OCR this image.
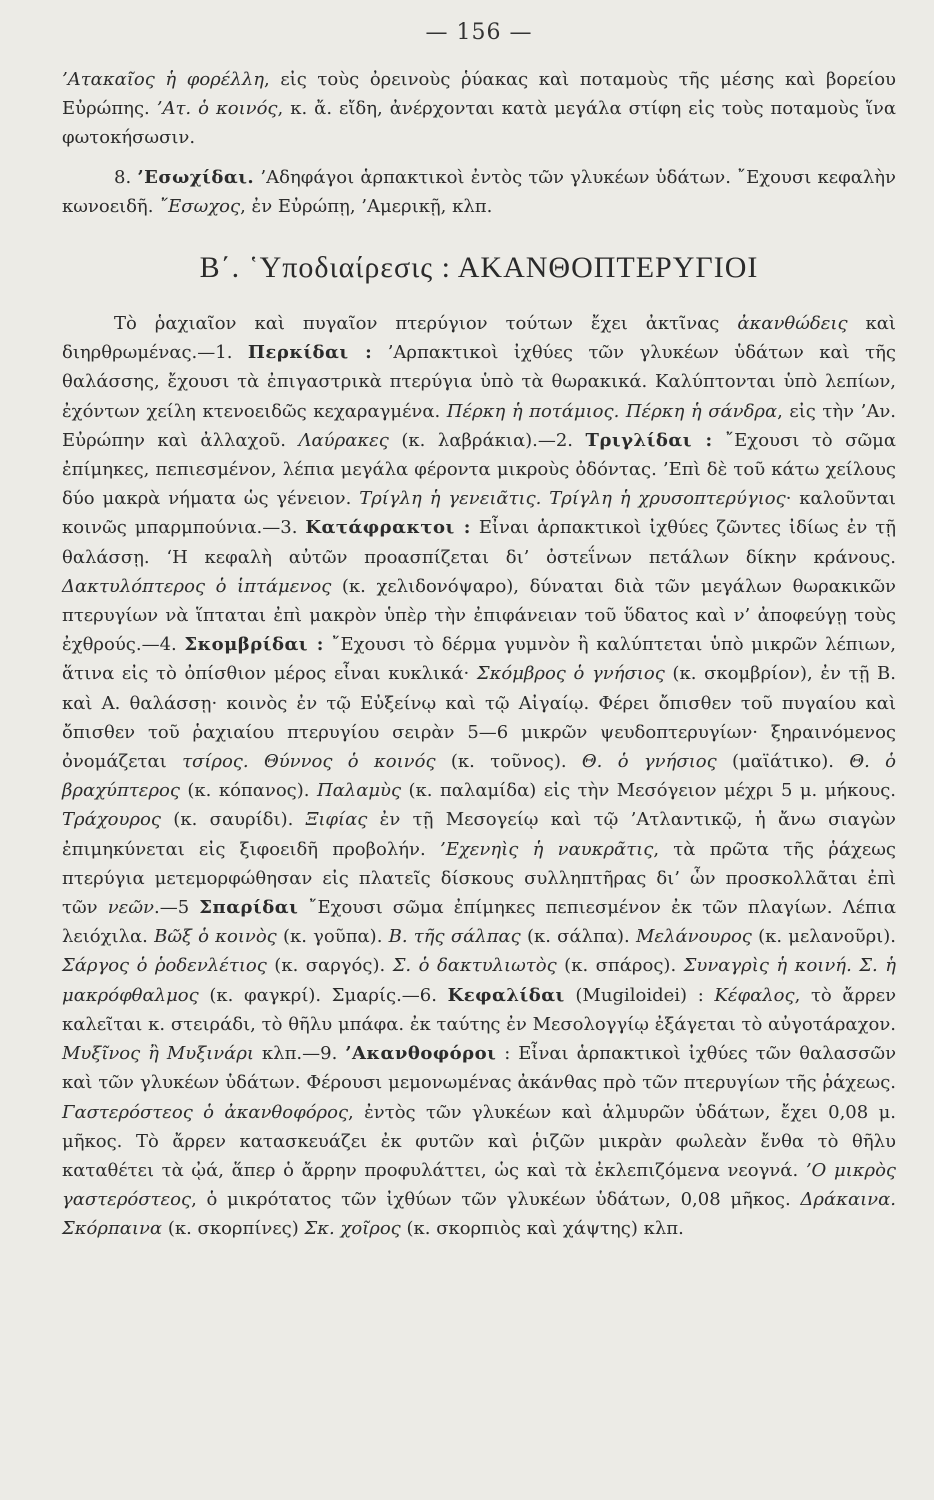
— 156 —

’Ατακαῖος ἡ φορέλλη, εἰς τοὺς ὀρεινοὺς ῥύακας καὶ ποταμοὺς τῆς μέσης καὶ βορείου Εὐρώπης. ’Ατ. ὁ κοινός, κ. ἄ. εἴδη, ἀνέρχονται κατὰ μεγάλα στίφη εἰς τοὺς ποταμοὺς ἵνα φωτοκήσωσιν.

8. ’Εσωχίδαι. ’Αδηφάγοι ἁρπακτικοὶ ἐντὸς τῶν γλυκέων ὑδάτων. ῎Εχουσι κεφαλὴν κωνοειδῆ. ῎Εσωχος, ἐν Εὐρώπῃ, ’Αμερικῇ, κλπ.

Β΄. ῾Υποδιαίρεσις : ΑΚΑΝΘΟΠΤΕΡΥΓΙΟΙ

Τὸ ῥαχιαῖον καὶ πυγαῖον πτερύγιον τούτων ἔχει ἀκτῖνας ἀκανθώδεις καὶ διηρθρωμένας.—1. Περκίδαι : ’Αρπακτικοὶ ἰχθύες τῶν γλυκέων ὑδάτων καὶ τῆς θαλάσσης, ἔχουσι τὰ ἐπιγαστρικὰ πτερύγια ὑπὸ τὰ θωρακικά. Καλύπτονται ὑπὸ λεπίων, ἐχόντων χείλη κτενοειδῶς κεχαραγμένα. Πέρκη ἡ ποτάμιος. Πέρκη ἡ σάνδρα, εἰς τὴν ’Αν. Εὐρώπην καὶ ἀλλαχοῦ. Λαύρακες (κ. λαβράκια).—2. Τριγλίδαι : ῎Εχουσι τὸ σῶμα ἐπίμηκες, πεπιεσμένον, λέπια μεγάλα φέροντα μικροὺς ὀδόντας. ’Επὶ δὲ τοῦ κάτω χείλους δύο μακρὰ νήματα ὡς γένειον. Τρίγλη ἡ γενειᾶτις. Τρίγλη ἡ χρυσοπτερύγιος· καλοῦνται κοινῶς μπαρμπούνια.—3. Κατάφρακτοι : Εἶναι ἁρπακτικοὶ ἰχθύες ζῶντες ἰδίως ἐν τῇ θαλάσσῃ. ‘Η κεφαλὴ αὐτῶν προασπίζεται δι’ ὀστεΐνων πετάλων δίκην κράνους. Δακτυλόπτερος ὁ ἱπτάμενος (κ. χελιδονόψαρο), δύναται διὰ τῶν μεγάλων θωρακικῶν πτερυγίων νὰ ἵπταται ἐπὶ μακρὸν ὑπὲρ τὴν ἐπιφάνειαν τοῦ ὕδατος καὶ ν’ ἀποφεύγῃ τοὺς ἐχθρούς.—4. Σκομβρίδαι : ῎Εχουσι τὸ δέρμα γυμνὸν ἢ καλύπτεται ὑπὸ μικρῶν λέπιων, ἅτινα εἰς τὸ ὀπίσθιον μέρος εἶναι κυκλικά· Σκόμβρος ὁ γνήσιος (κ. σκομβρίον), ἐν τῇ Β. καὶ Α. θαλάσσῃ· κοινὸς ἐν τῷ Εὐξείνῳ καὶ τῷ Αἰγαίῳ. Φέρει ὄπισθεν τοῦ πυγαίου καὶ ὄπισθεν τοῦ ῥαχιαίου πτερυγίου σειρὰν 5—6 μικρῶν ψευδοπτερυγίων· ξηραινόμενος ὀνομάζεται τσίρος. Θύννος ὁ κοινός (κ. τοῦνος). Θ. ὁ γνήσιος (μαϊάτικο). Θ. ὁ βραχύπτερος (κ. κόπανος). Παλαμὺς (κ. παλαμίδα) εἰς τὴν Μεσόγειον μέχρι 5 μ. μήκους. Τράχουρος (κ. σαυρίδι). Ξιφίας ἐν τῇ Μεσογείῳ καὶ τῷ ’Ατλαντικῷ, ἡ ἄνω σιαγὼν ἐπιμηκύνεται εἰς ξιφοειδῆ προβολήν. ’Εχενηὶς ἡ ναυκρᾶτις, τὰ πρῶτα τῆς ῥάχεως πτερύγια μετεμορφώθησαν εἰς πλατεῖς δίσκους συλληπτῆρας δι’ ὧν προσκολλᾶται ἐπὶ τῶν νεῶν.—5 Σπαρίδαι ῎Εχουσι σῶμα ἐπίμηκες πεπιεσμένον ἐκ τῶν πλαγίων. Λέπια λειόχιλα. Βῶξ ὁ κοινὸς (κ. γοῦπα). Β. τῆς σάλπας (κ. σάλπα). Μελάνουρος (κ. μελανοῦρι). Σάργος ὁ ῥοδενλέτιος (κ. σαργός). Σ. ὁ δακτυλιωτὸς (κ. σπάρος). Συναγρὶς ἡ κοινή. Σ. ἡ μακρόφθαλμος (κ. φαγκρί). Σμαρίς.—6. Κεφαλίδαι (Mugiloidei) : Κέφαλος, τὸ ἄρρεν καλεῖται κ. στειράδι, τὸ θῆλυ μπάφα. ἐκ ταύτης ἐν Μεσολογγίῳ ἐξάγεται τὸ αὐγοτάραχον. Μυξῖνος ἢ Μυξινάρι κλπ.—9. ’Ακανθοφόροι : Εἶναι ἁρπακτικοὶ ἰχθύες τῶν θαλασσῶν καὶ τῶν γλυκέων ὑδάτων. Φέρουσι μεμονωμένας ἀκάνθας πρὸ τῶν πτερυγίων τῆς ῥάχεως. Γαστερόστεος ὁ ἀκανθοφόρος, ἐντὸς τῶν γλυκέων καὶ ἁλμυρῶν ὑδάτων, ἔχει 0,08 μ. μῆκος. Τὸ ἄρρεν κατασκευάζει ἐκ φυτῶν καὶ ῥιζῶν μικρὰν φωλεὰν ἔνθα τὸ θῆλυ καταθέτει τὰ ᾠά, ἅπερ ὁ ἄρρην προφυλάττει, ὡς καὶ τὰ ἐκλεπιζόμενα νεογνά. ’Ο μικρὸς γαστερόστεος, ὁ μικρότατος τῶν ἰχθύων τῶν γλυκέων ὑδάτων, 0,08 μῆκος. Δράκαινα. Σκόρπαινα (κ. σκορπίνες) Σκ. χοῖρος (κ. σκορπιὸς καὶ χάψτης) κλπ.
